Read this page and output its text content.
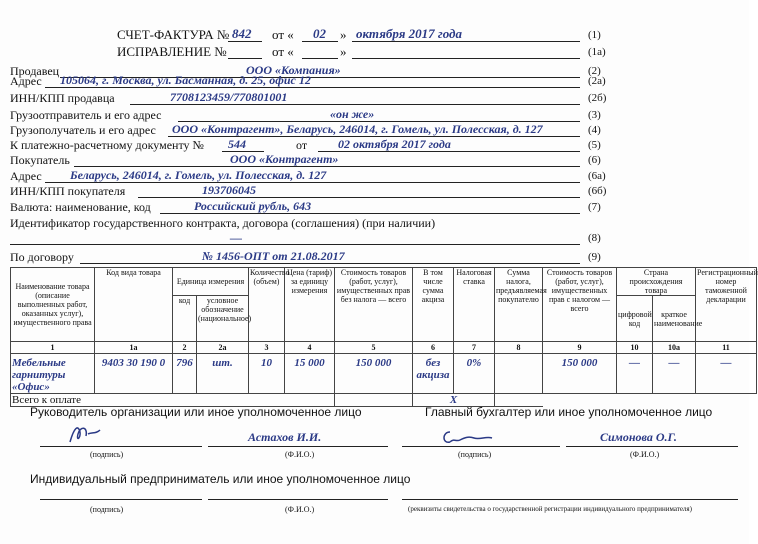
СЧЕТ-ФАКТУРА № 842 от « 02 » октября 2017 года	(1)
ИСПРАВЛЕНИЕ №	от «	»	(1а)
Продавец	ООО «Компания»	(2)
Адрес 105064, г. Москва, ул. Басманная, д. 25, офис 12	(2а)
ИНН/КПП продавца	7708123459/770801001	(2б)
Грузоотправитель и его адрес	«он же»	(3)
Грузополучатель и его адрес ООО «Контрагент», Беларусь, 246014, г. Гомель, ул. Полесская, д. 127	(4)
К платежно-расчетному документу № 544	от	02 октября 2017 года	(5)
Покупатель	ООО «Контрагент»	(6)
Адрес Беларусь, 246014, г. Гомель, ул. Полесская, д. 127	(6а)
ИНН/КПП покупателя	193706045	(6б)
Валюта: наименование, код	Российский рубль, 643	(7)
Идентификатор государственного контракта, договора (соглашения) (при наличии)
—	(8)
По договору	№ 1456-ОПТ от 21.08.2017	(9)
Наименование товара (описание выполненных работ, оказанных услуг), имущественного права	Код вида товара	Единица измерения		Количество (объем)	Цена (тариф) за единицу измерения	Стоимость товаров (работ, услуг), имущественных прав без налога — всего	В том числе сумма акциза	Налоговая ставка	Сумма налога, предъявляемая покупателю	Стоимость товаров (работ, услуг), имущественных прав с налогом — всего	Страна происхождения товара		Регистрационный номер таможенной декларации
		код	условное обозначение (национальное)								цифровой код	краткое наименование	
1	1а	2	2а	3	4	5	6	7	8	9	10	10а	11
Мебельные гарнитуры «Офис»	9403 30 190 0	796	шт.	10	15 000	150 000	без акциза	0%		150 000	—	—	—
Всего к оплате							X						
Руководитель организации или иное уполномоченное лицо	Главный бухгалтер или иное уполномоченное лицо
(подпись)
Астахов И.И.
(Ф.И.О.)	(подпись)
Симонова О.Г.
(Ф.И.О.)
Индивидуальный предприниматель или иное уполномоченное лицо
(подпись)	(Ф.И.О.)	(реквизиты свидетельства о государственной регистрации индивидуального предпринимателя)
